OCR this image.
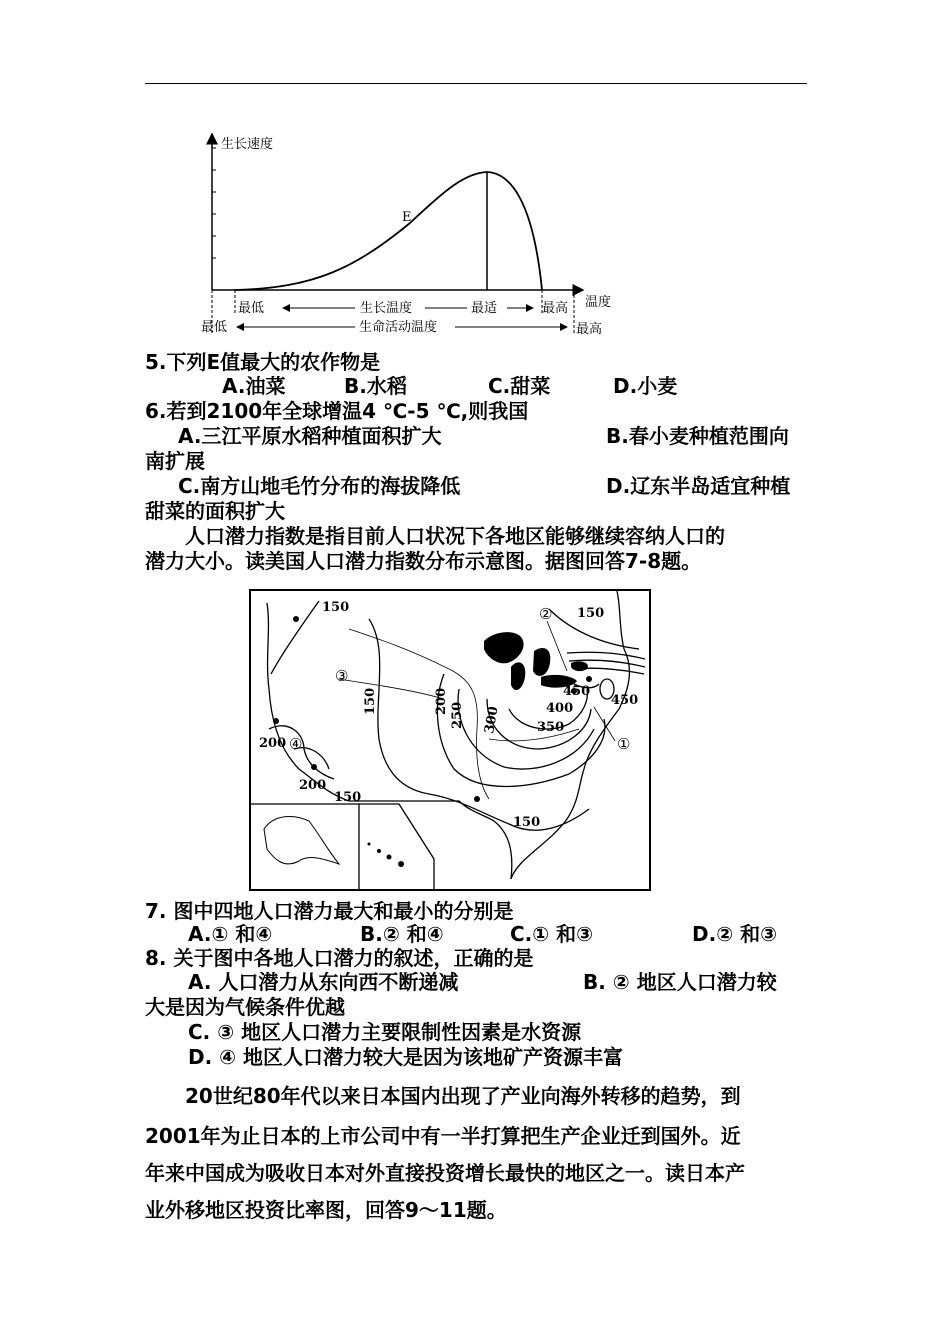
生长速度
E
温度
最低	生长温度	最适	最高
最低	生命活动温度	最高
5.下列E值最大的农作物是
A.油菜	B.水稻	C.甜菜	D.小麦
6.若到2100年全球增温4 ℃-5 ℃,则我国
A.三江平原水稻种植面积扩大	B.春小麦种植范围向
南扩展
C.南方山地毛竹分布的海拔降低	D.辽东半岛适宜种植
甜菜的面积扩大
人口潜力指数是指目前人口状况下各地区能够继续容纳人口的
潜力大小。读美国人口潜力指数分布示意图。据图回答7-8题。
150	150
150
200
200
250 300	350
400
450
450
150
150	200
①
②
③
④
7. 图中四地人口潜力最大和最小的分别是
A.① 和④	B.② 和④	C.① 和③	D.② 和③
8. 关于图中各地人口潜力的叙述，正确的是
A. 人口潜力从东向西不断递减	B. ② 地区人口潜力较
大是因为气候条件优越
C. ③ 地区人口潜力主要限制性因素是水资源
D. ④ 地区人口潜力较大是因为该地矿产资源丰富
20世纪80年代以来日本国内出现了产业向海外转移的趋势，到
2001年为止日本的上市公司中有一半打算把生产企业迁到国外。近
年来中国成为吸收日本对外直接投资增长最快的地区之一。读日本产
业外移地区投资比率图，回答9～11题。
